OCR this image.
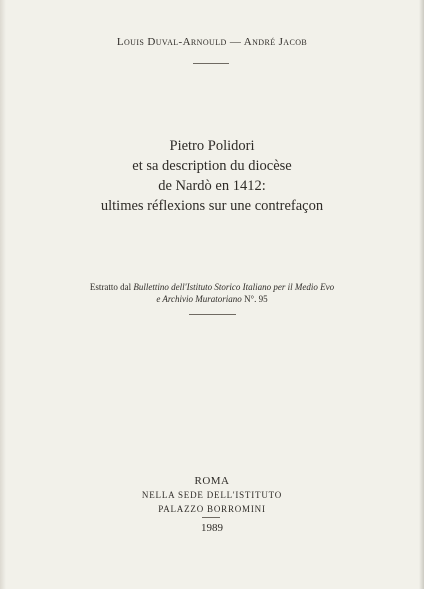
Louis Duval-Arnould — André Jacob
Pietro Polidori
et sa description du diocèse
de Nardò en 1412:
ultimes réflexions sur une contrefaçon
Estratto dal Bullettino dell'Istituto Storico Italiano per il Medio Evo
e Archivio Muratoriano N°. 95
ROMA
NELLA SEDE DELL'ISTITUTO
PALAZZO BORROMINI
1989
